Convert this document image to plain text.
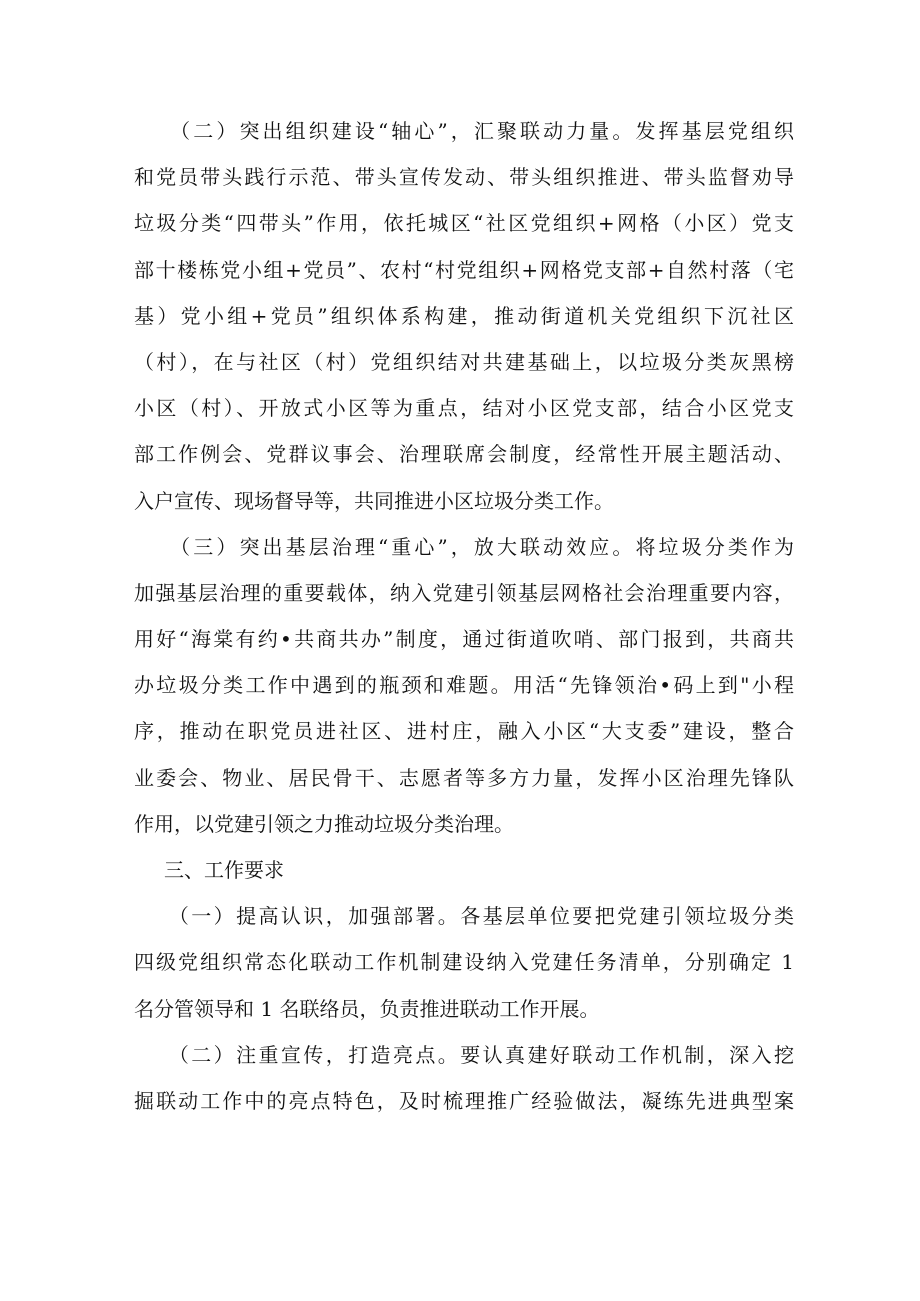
　　（二）突出组织建设“轴心”，汇聚联动力量。发挥基层党组织
和党员带头践行示范、带头宣传发动、带头组织推进、带头监督劝导
垃圾分类“四带头”作用，依托城区“社区党组织+网格（小区）党支
部十楼栋党小组+党员”、农村“村党组织+网格党支部+自然村落（宅
基）党小组+党员”组织体系构建，推动街道机关党组织下沉社区
（村），在与社区（村）党组织结对共建基础上，以垃圾分类灰黑榜
小区（村）、开放式小区等为重点，结对小区党支部，结合小区党支
部工作例会、党群议事会、治理联席会制度，经常性开展主题活动、
入户宣传、现场督导等，共同推进小区垃圾分类工作。
　　（三）突出基层治理“重心”，放大联动效应。将垃圾分类作为
加强基层治理的重要载体，纳入党建引领基层网格社会治理重要内容，
用好“海棠有约•共商共办”制度，通过街道吹哨、部门报到，共商共
办垃圾分类工作中遇到的瓶颈和难题。用活“先锋领治•码上到"小程
序，推动在职党员进社区、进村庄，融入小区“大支委”建设，整合
业委会、物业、居民骨干、志愿者等多方力量，发挥小区治理先锋队
作用，以党建引领之力推动垃圾分类治理。
三、工作要求
　　（一）提高认识，加强部署。各基层单位要把党建引领垃圾分类
四级党组织常态化联动工作机制建设纳入党建任务清单，分别确定 1
名分管领导和 1 名联络员，负责推进联动工作开展。
　　（二）注重宣传，打造亮点。要认真建好联动工作机制，深入挖
掘联动工作中的亮点特色，及时梳理推广经验做法，凝练先进典型案
